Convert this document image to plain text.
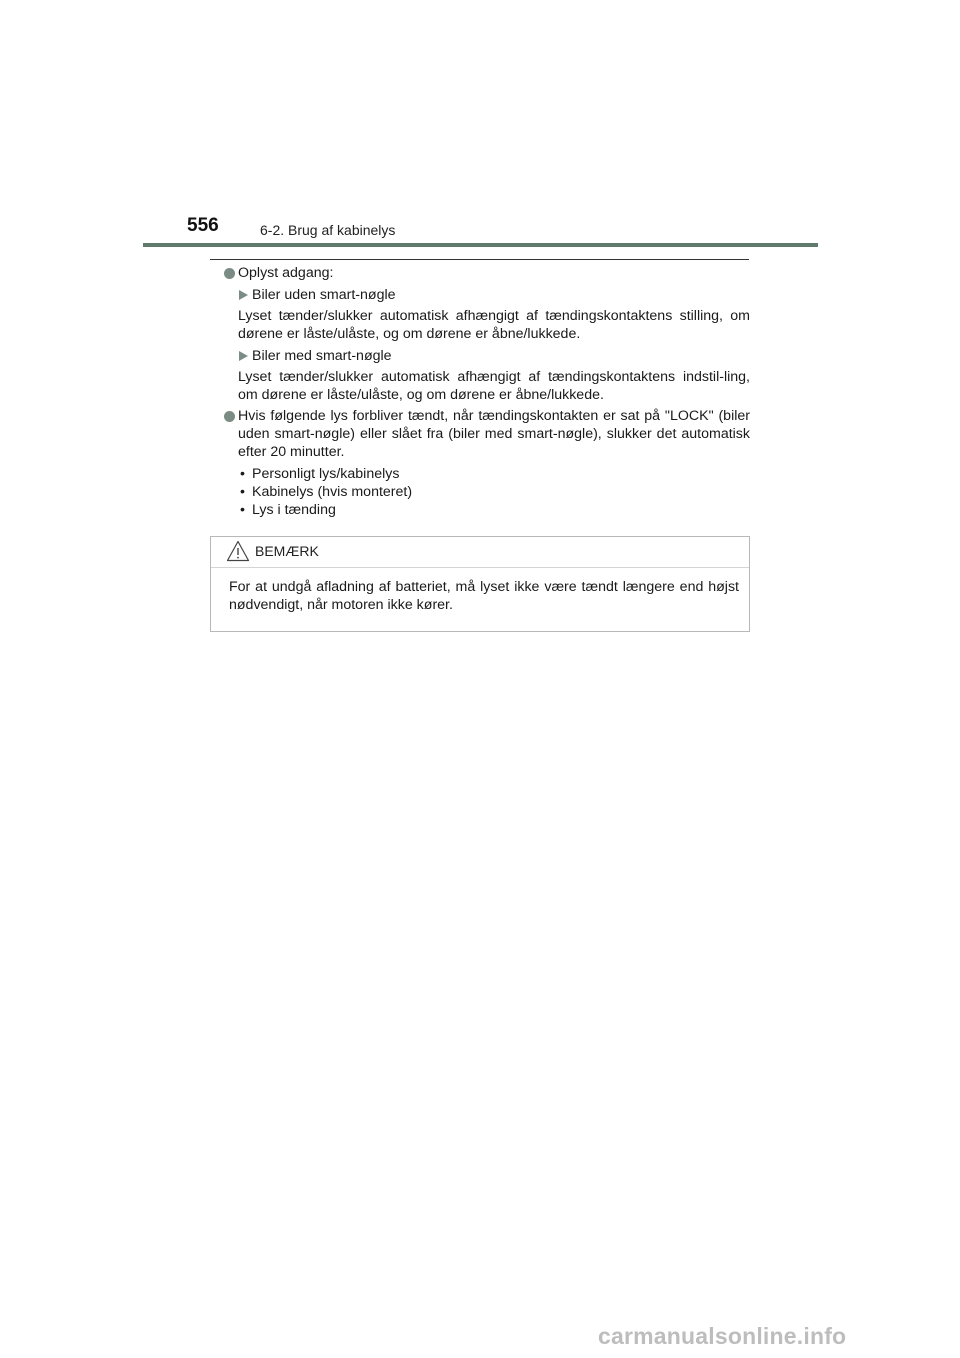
556	6-2. Brug af kabinelys
Oplyst adgang:
Biler uden smart-nøgle
Lyset tænder/slukker automatisk afhængigt af tændingskontaktens stilling, om dørene er låste/ulåste, og om dørene er åbne/lukkede.
Biler med smart-nøgle
Lyset tænder/slukker automatisk afhængigt af tændingskontaktens indstil-ling, om dørene er låste/ulåste, og om dørene er åbne/lukkede.
Hvis følgende lys forbliver tændt, når tændingskontakten er sat på "LOCK" (biler uden smart-nøgle) eller slået fra (biler med smart-nøgle), slukker det automatisk efter 20 minutter.
• Personligt lys/kabinelys
• Kabinelys (hvis monteret)
• Lys i tænding
BEMÆRK
For at undgå afladning af batteriet, må lyset ikke være tændt længere end højst nødvendigt, når motoren ikke kører.
carmanualsonline.info
